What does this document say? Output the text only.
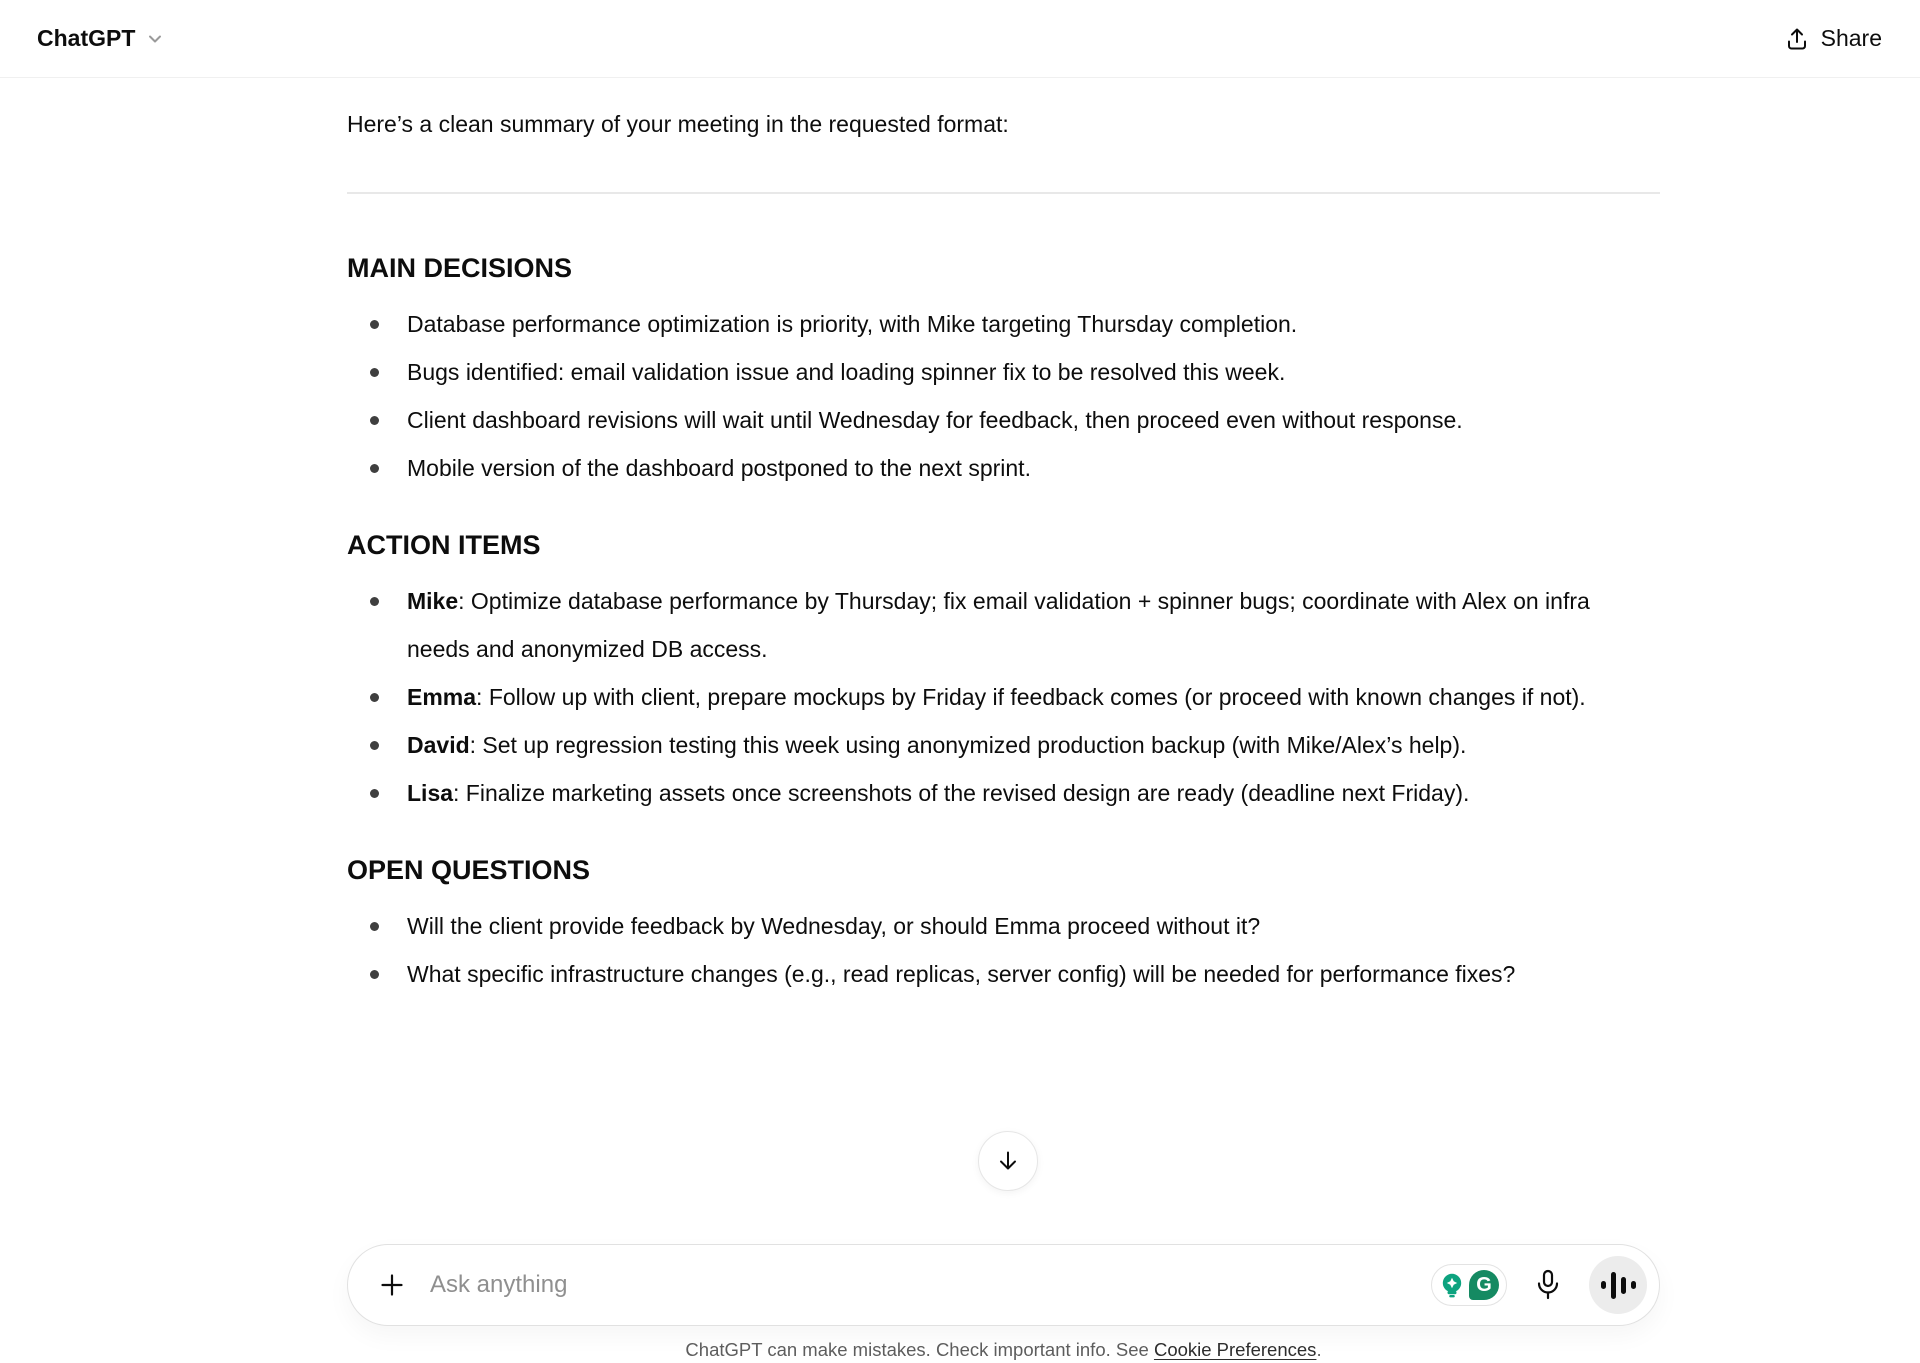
ChatGPT	Share

Here’s a clean summary of your meeting in the requested format:

MAIN DECISIONS
Database performance optimization is priority, with Mike targeting Thursday completion.
Bugs identified: email validation issue and loading spinner fix to be resolved this week.
Client dashboard revisions will wait until Wednesday for feedback, then proceed even without response.
Mobile version of the dashboard postponed to the next sprint.
ACTION ITEMS
Mike: Optimize database performance by Thursday; fix email validation + spinner bugs; coordinate with Alex on infra needs and anonymized DB access.
Emma: Follow up with client, prepare mockups by Friday if feedback comes (or proceed with known changes if not).
David: Set up regression testing this week using anonymized production backup (with Mike/Alex’s help).
Lisa: Finalize marketing assets once screenshots of the revised design are ready (deadline next Friday).
OPEN QUESTIONS
Will the client provide feedback by Wednesday, or should Emma proceed without it?
What specific infrastructure changes (e.g., read replicas, server config) will be needed for performance fixes?
Ask anything	G
ChatGPT can make mistakes. Check important info. See Cookie Preferences.
